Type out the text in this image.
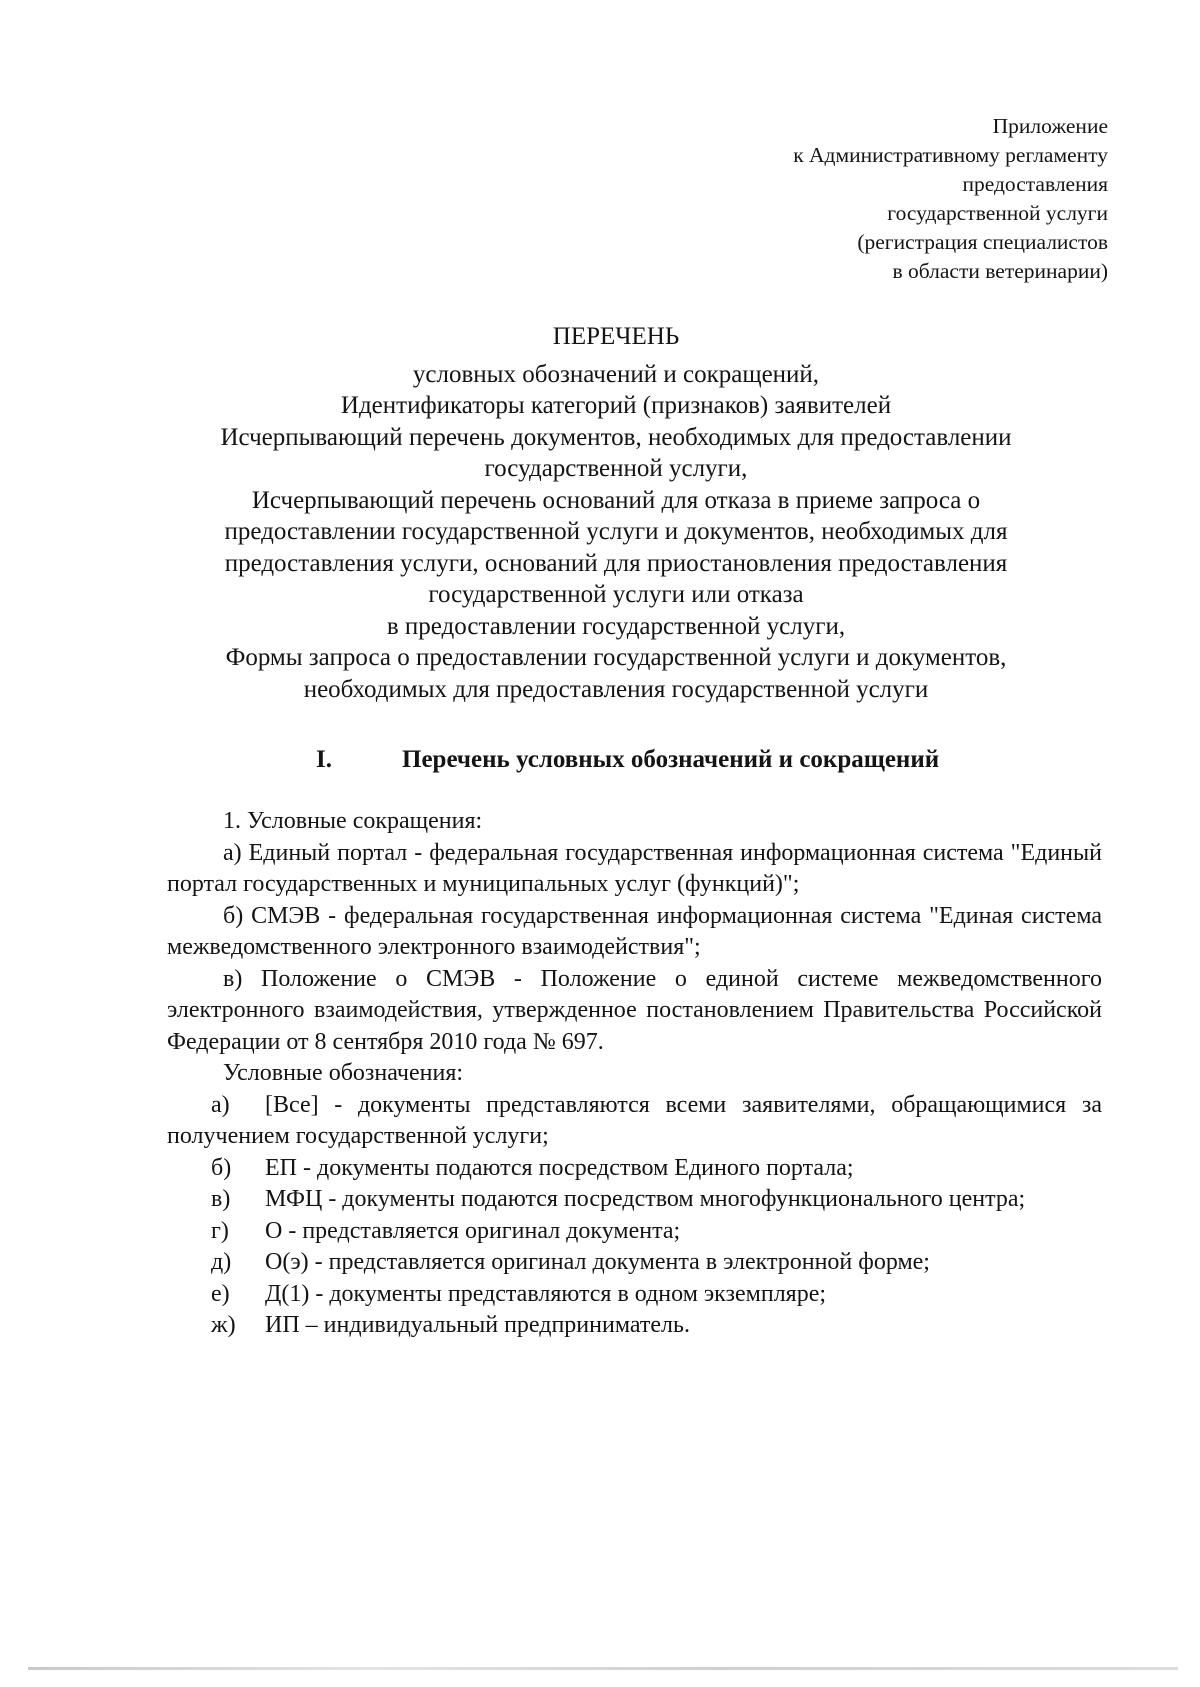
Приложение
к Административному регламенту
предоставления
государственной услуги
(регистрация специалистов
в области ветеринарии)
ПЕРЕЧЕНЬ
условных обозначений и сокращений,
Идентификаторы категорий (признаков) заявителей
Исчерпывающий перечень документов, необходимых для предоставлении
государственной услуги,
Исчерпывающий перечень оснований для отказа в приеме запроса о
предоставлении государственной услуги и документов, необходимых для
предоставления услуги, оснований для приостановления предоставления
государственной услуги или отказа
в предоставлении государственной услуги,
Формы запроса о предоставлении государственной услуги и документов,
необходимых для предоставления государственной услуги
I.	Перечень условных обозначений и сокращений

1. Условные сокращения:

а) Единый портал - федеральная государственная информационная система "Единый портал государственных и муниципальных услуг (функций)";

б) СМЭВ - федеральная государственная информационная система "Единая система межведомственного электронного взаимодействия";

в) Положение о СМЭВ - Положение о единой системе межведомственного электронного взаимодействия, утвержденное постановлением Правительства Российской Федерации от 8 сентября 2010 года № 697.

Условные обозначения:

а)	[Все] - документы представляются всеми заявителями, обращающимися за
получением государственной услуги;
б)	ЕП - документы подаются посредством Единого портала;
в)	МФЦ - документы подаются посредством многофункционального центра;
г)	О - представляется оригинал документа;
д)	О(э) - представляется оригинал документа в электронной форме;
е)	Д(1) - документы представляются в одном экземпляре;
ж)	ИП – индивидуальный предприниматель.
